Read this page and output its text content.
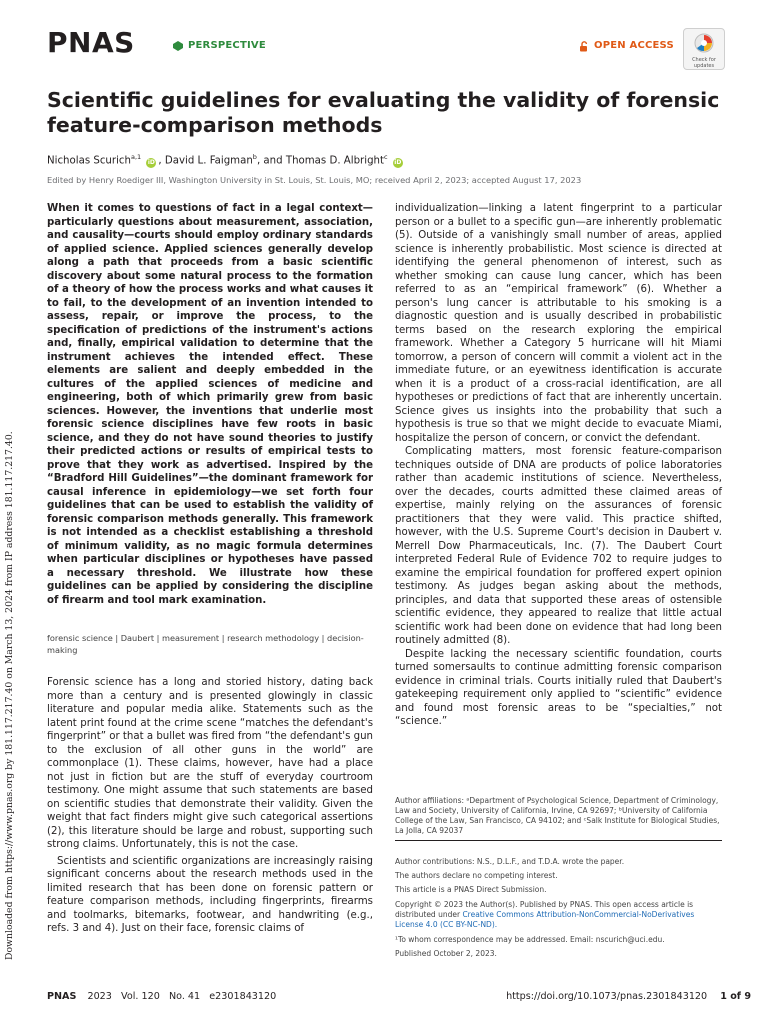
PNAS	PERSPECTIVE	OPEN ACCESS
Check for updates
Scientific guidelines for evaluating the validity of forensic feature-comparison methods
Nicholas Scurich$^{a,1}$ iD , David L. Faigman$^b$, and Thomas D. Albright$^c$ iD
Edited by Henry Roediger III, Washington University in St. Louis, St. Louis, MO; received April 2, 2023; accepted August 17, 2023
Downloaded from https://www.pnas.org by 181.117.217.40 on March 13, 2024 from IP address 181.117.217.40.

When it comes to questions of fact in a legal context—particularly questions about measurement, association, and causality—courts should employ ordinary standards of applied science. Applied sciences generally develop along a path that proceeds from a basic scientific discovery about some natural process to the formation of a theory of how the process works and what causes it to fail, to the development of an invention intended to assess, repair, or improve the process, to the specification of predictions of the instrument's actions and, finally, empirical validation to determine that the instrument achieves the intended effect. These elements are salient and deeply embedded in the cultures of the applied sciences of medicine and engineering, both of which primarily grew from basic sciences. However, the inventions that underlie most forensic science disciplines have few roots in basic science, and they do not have sound theories to justify their predicted actions or results of empirical tests to prove that they work as advertised. Inspired by the “Bradford Hill Guidelines”—the dominant framework for causal inference in epidemiology—we set forth four guidelines that can be used to establish the validity of forensic comparison methods generally. This framework is not intended as a checklist establishing a threshold of minimum validity, as no magic formula determines when particular disciplines or hypotheses have passed a necessary threshold. We illustrate how these guidelines can be applied by considering the discipline of firearm and tool mark examination.

forensic science | Daubert | measurement | research methodology | decision-making

Forensic science has a long and storied history, dating back more than a century and is presented glowingly in classic literature and popular media alike. Statements such as the latent print found at the crime scene “matches the defendant's fingerprint” or that a bullet was fired from “the defendant's gun to the exclusion of all other guns in the world” are commonplace (1). These claims, however, have had a place not just in fiction but are the stuff of everyday courtroom testimony. One might assume that such statements are based on scientific studies that demonstrate their validity. Given the weight that fact finders might give such categorical assertions (2), this literature should be large and robust, supporting such strong claims. Unfortunately, this is not the case.

Scientists and scientific organizations are increasingly raising significant concerns about the research methods used in the limited research that has been done on forensic pattern or feature comparison methods, including fingerprints, firearms and toolmarks, bitemarks, footwear, and handwriting (e.g., refs. 3 and 4). Just on their face, forensic claims of

individualization—linking a latent fingerprint to a particular person or a bullet to a specific gun—are inherently problematic (5). Outside of a vanishingly small number of areas, applied science is inherently probabilistic. Most science is directed at identifying the general phenomenon of interest, such as whether smoking can cause lung cancer, which has been referred to as an “empirical framework” (6). Whether a person's lung cancer is attributable to his smoking is a diagnostic question and is usually described in probabilistic terms based on the research exploring the empirical framework. Whether a Category 5 hurricane will hit Miami tomorrow, a person of concern will commit a violent act in the immediate future, or an eyewitness identification is accurate when it is a product of a cross-racial identification, are all hypotheses or predictions of fact that are inherently uncertain. Science gives us insights into the probability that such a hypothesis is true so that we might decide to evacuate Miami, hospitalize the person of concern, or convict the defendant.

Complicating matters, most forensic feature-comparison techniques outside of DNA are products of police laboratories rather than academic institutions of science. Nevertheless, over the decades, courts admitted these claimed areas of expertise, mainly relying on the assurances of forensic practitioners that they were valid. This practice shifted, however, with the U.S. Supreme Court's decision in Daubert v. Merrell Dow Pharmaceuticals, Inc. (7). The Daubert Court interpreted Federal Rule of Evidence 702 to require judges to examine the empirical foundation for proffered expert opinion testimony. As judges began asking about the methods, principles, and data that supported these areas of ostensible scientific evidence, they appeared to realize that little actual scientific work had been done on evidence that had long been routinely admitted (8).

Despite lacking the necessary scientific foundation, courts turned somersaults to continue admitting forensic comparison evidence in criminal trials. Courts initially ruled that Daubert's gatekeeping requirement only applied to “scientific” evidence and found most forensic areas to be “specialties,” not “science.”

Author affiliations: ᵃDepartment of Psychological Science, Department of Criminology, Law and Society, University of California, Irvine, CA 92697; ᵇUniversity of California College of the Law, San Francisco, CA 94102; and ᶜSalk Institute for Biological Studies, La Jolla, CA 92037
Author contributions: N.S., D.L.F., and T.D.A. wrote the paper.
The authors declare no competing interest.
This article is a PNAS Direct Submission.
Copyright © 2023 the Author(s). Published by PNAS. This open access article is distributed under Creative Commons Attribution-NonCommercial-NoDerivatives License 4.0 (CC BY-NC-ND).
¹To whom correspondence may be addressed. Email: nscurich@uci.edu.
Published October 2, 2023.
PNAS 2023   Vol. 120   No. 41   e2301843120	https://doi.org/10.1073/pnas.2301843120 1 of 9
